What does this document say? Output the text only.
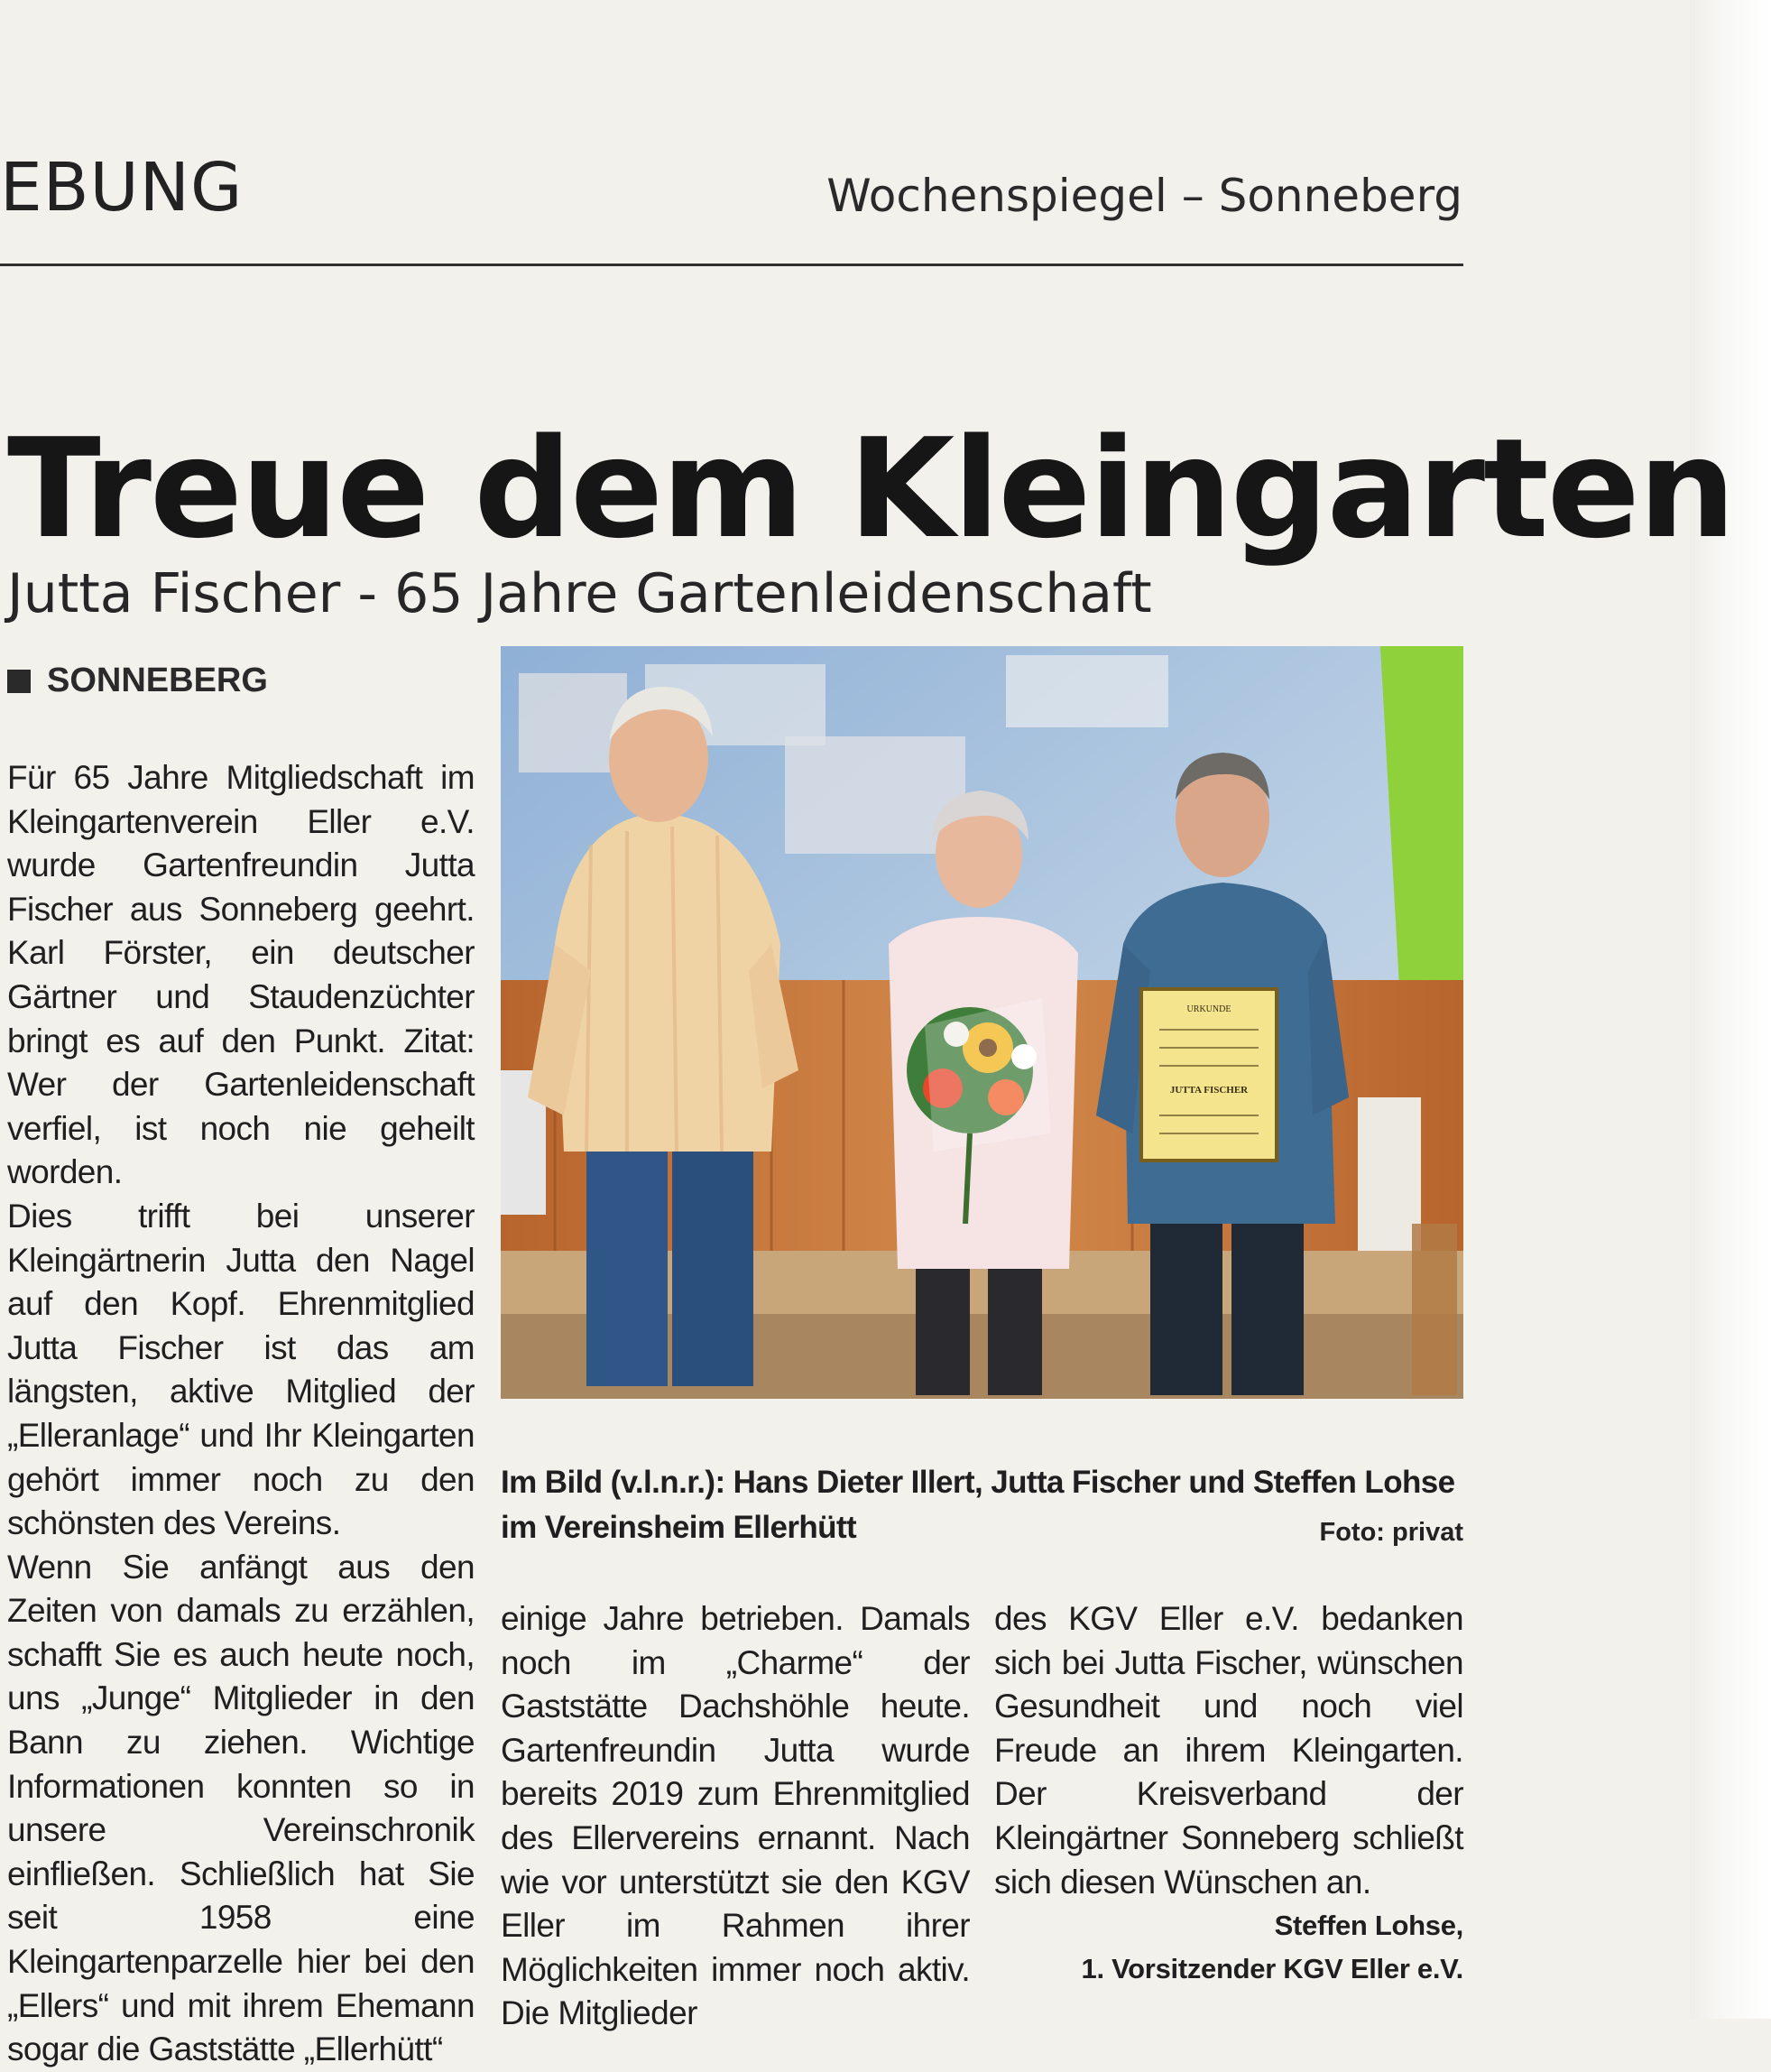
EBUNG	Wochenspiegel – Sonneberg
Treue dem Kleingarten
Jutta Fischer - 65 Jahre Gartenleidenschaft
SONNEBERG

Für 65 Jahre Mitgliedschaft im Kleingartenverein Eller e.V. wurde Gartenfreundin Jutta Fischer aus Sonneberg geehrt. Karl Förster, ein deutscher Gärtner und Staudenzüchter bringt es auf den Punkt. Zitat: Wer der Gartenleidenschaft verfiel, ist noch nie geheilt worden.

Dies trifft bei unserer Kleingärtnerin Jutta den Nagel auf den Kopf. Ehrenmitglied Jutta Fischer ist das am längsten, aktive Mitglied der „Elleranlage“ und Ihr Kleingarten gehört immer noch zu den schönsten des Vereins.

Wenn Sie anfängt aus den Zeiten von damals zu erzählen, schafft Sie es auch heute noch, uns „Junge“ Mitglieder in den Bann zu ziehen. Wichtige Informationen konnten so in unsere Vereinschronik einfließen. Schließlich hat Sie seit 1958 eine Kleingartenparzelle hier bei den „Ellers“ und mit ihrem Ehemann sogar die Gaststätte „Ellerhütt“

URKUNDE
JUTTA FISCHER
Im Bild (v.l.n.r.): Hans Dieter Illert, Jutta Fischer und Steffen Lohse im Vereinsheim Ellerhütt	Foto: privat

einige Jahre betrieben. Damals noch im „Charme“ der Gaststätte Dachshöhle heute. Gartenfreundin Jutta wurde bereits 2019 zum Ehrenmitglied des Ellervereins ernannt. Nach wie vor unterstützt sie den KGV Eller im Rahmen ihrer Möglichkeiten immer noch aktiv. Die Mitglieder

des KGV Eller e.V. bedanken sich bei Jutta Fischer, wünschen Gesundheit und noch viel Freude an ihrem Kleingarten. Der Kreisverband der Kleingärtner Sonneberg schließt sich diesen Wünschen an.

Steffen Lohse,
1. Vorsitzender KGV Eller e.V.
